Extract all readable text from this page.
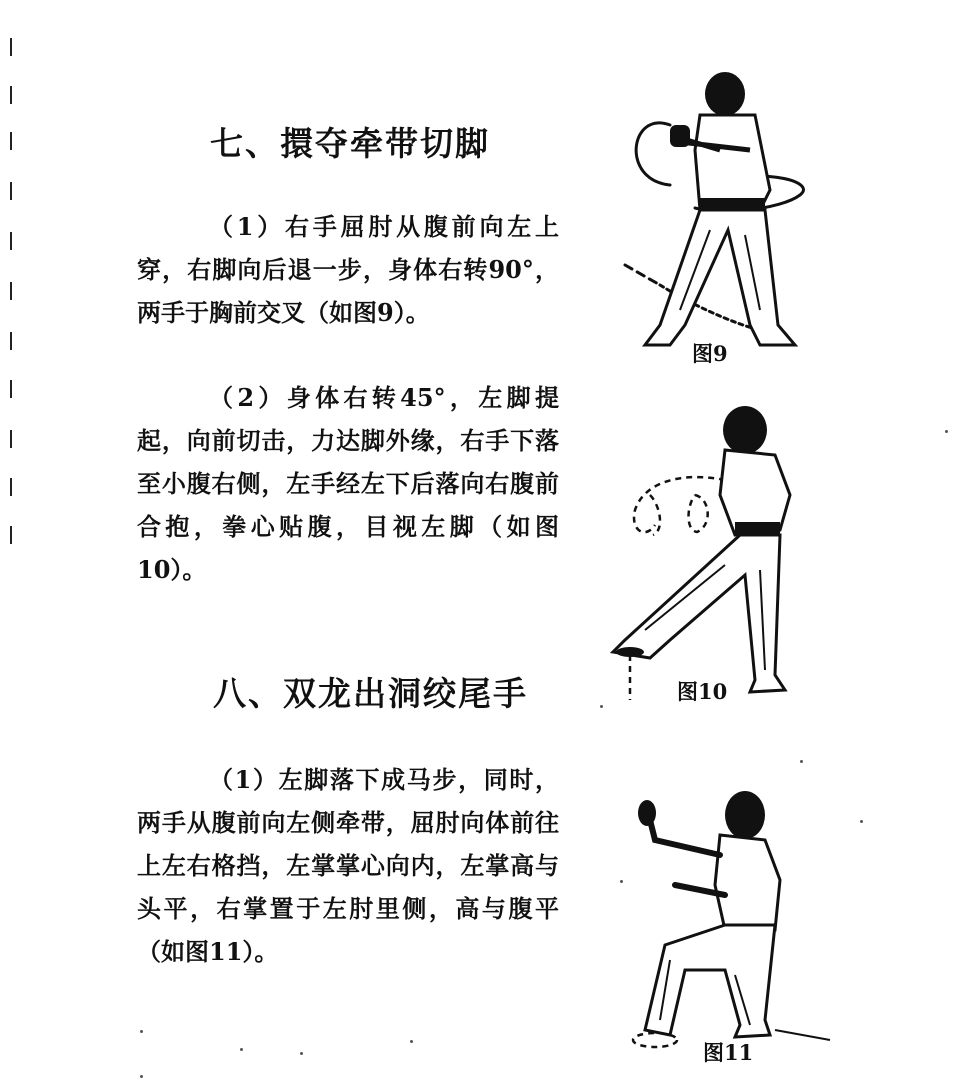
七、擐夺牵带切脚

（1）右手屈肘从腹前向左上穿，右脚向后退一步，身体右转90°，两手于胸前交叉（如图9）。

（2）身体右转45°，左脚提起，向前切击，力达脚外缘，右手下落至小腹右侧，左手经左下后落向右腹前合抱，拳心贴腹，目视左脚（如图10）。

八、双龙出洞绞尾手

（1）左脚落下成马步，同时，两手从腹前向左侧牵带，屈肘向体前往上左右格挡，左掌掌心向内，左掌高与头平，右掌置于左肘里侧，高与腹平（如图11）。

图9
图10
图11
